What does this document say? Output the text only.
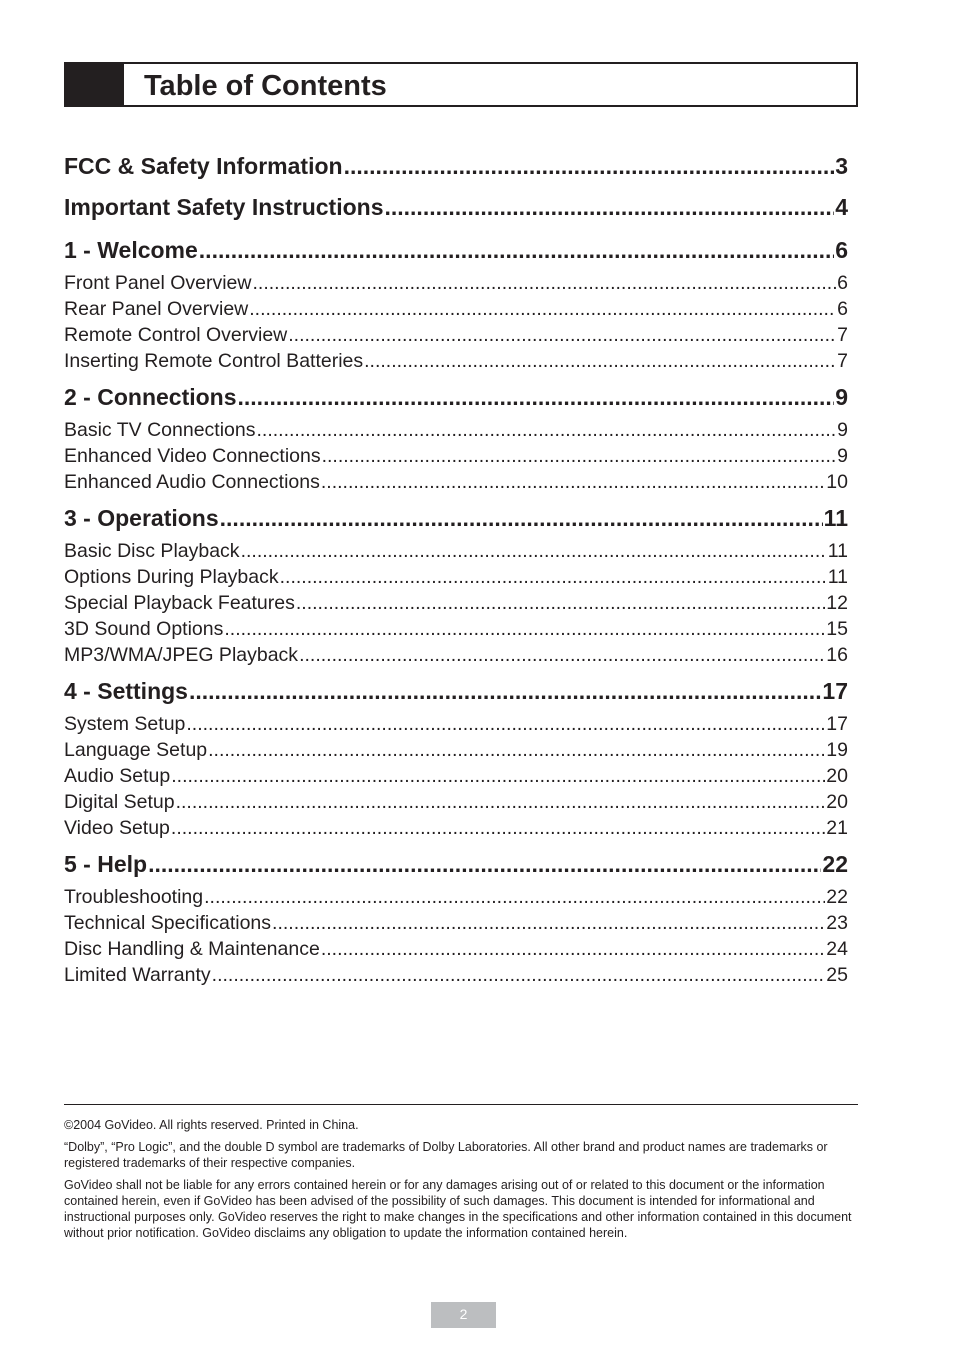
Table of Contents
FCC & Safety Information .....	3
Important Safety Instructions .....	4
1 - Welcome .....	6
Front Panel Overview .....	6
Rear Panel Overview .....	6
Remote Control Overview .....	7
Inserting Remote Control Batteries .....	7
2 - Connections .....	9
Basic TV Connections .....	9
Enhanced Video Connections .....	9
Enhanced Audio Connections .....	10
3 - Operations .....	11
Basic Disc Playback .....	11
Options During Playback .....	11
Special Playback Features .....	12
3D Sound Options .....	15
MP3/WMA/JPEG Playback .....	16
4 - Settings .....	17
System Setup .....	17
Language Setup .....	19
Audio Setup .....	20
Digital Setup .....	20
Video Setup .....	21
5 - Help .....	22
Troubleshooting .....	22
Technical Specifications .....	23
Disc Handling & Maintenance .....	24
Limited Warranty .....	25

©2004 GoVideo. All rights reserved. Printed in China.

“Dolby”, “Pro Logic”, and the double D symbol are trademarks of Dolby Laboratories. All other brand and product names are trademarks or registered trademarks of their respective companies.

GoVideo shall not be liable for any errors contained herein or for any damages arising out of or related to this document or the information contained herein, even if GoVideo has been advised of the possibility of such damages. This document is intended for informational and instructional purposes only. GoVideo reserves the right to make changes in the specifications and other information contained in this document without prior notification. GoVideo disclaims any obligation to update the information contained herein.

2
